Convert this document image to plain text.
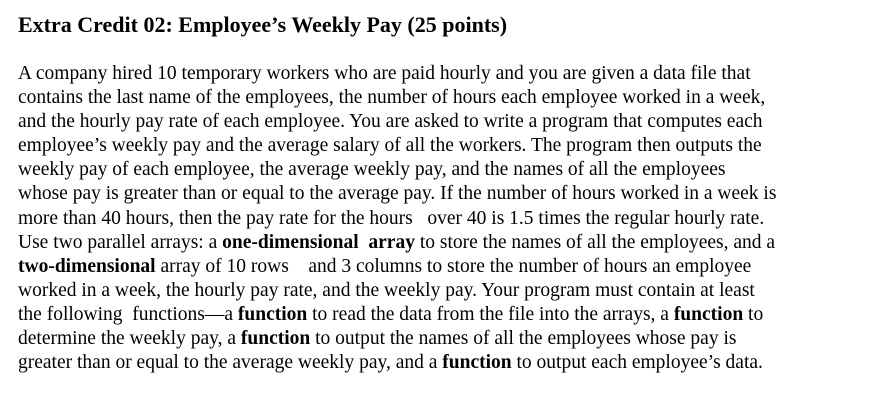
Extra Credit 02: Employee’s Weekly Pay (25 points)
A company hired 10 temporary workers who are paid hourly and you are given a data file that
contains the last name of the employees, the number of hours each employee worked in a week,
and the hourly pay rate of each employee. You are asked to write a program that computes each
employee’s weekly pay and the average salary of all the workers. The program then outputs the
weekly pay of each employee, the average weekly pay, and the names of all the employees
whose pay is greater than or equal to the average pay. If the number of hours worked in a week is
more than 40 hours, then the pay rate for the hours   over 40 is 1.5 times the regular hourly rate.
Use two parallel arrays: a one-dimensional  array to store the names of all the employees, and a
two-dimensional array of 10 rows    and 3 columns to store the number of hours an employee
worked in a week, the hourly pay rate, and the weekly pay. Your program must contain at least
the following  functions—a function to read the data from the file into the arrays, a function to
determine the weekly pay, a function to output the names of all the employees whose pay is
greater than or equal to the average weekly pay, and a function to output each employee’s data.
